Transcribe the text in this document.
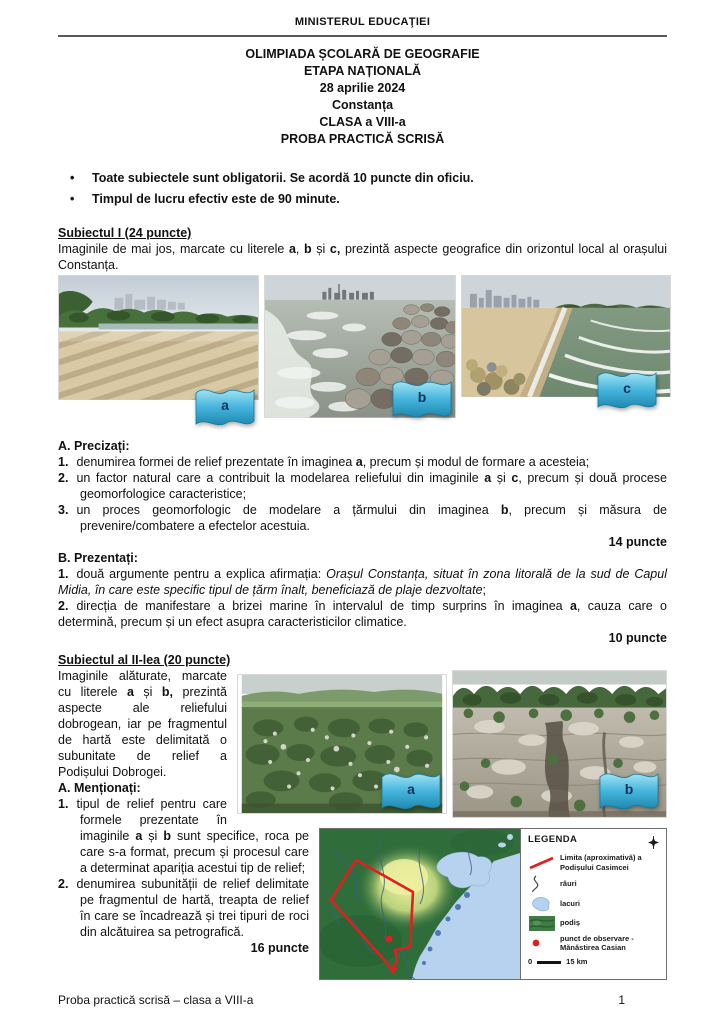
MINISTERUL EDUCAŢIEI
OLIMPIADA ȘCOLARĂ DE GEOGRAFIE
ETAPA NAȚIONALĂ
28 aprilie 2024
Constanța
CLASA a VIII-a
PROBA PRACTICĂ SCRISĂ
•	Toate subiectele sunt obligatorii. Se acordă 10 puncte din oficiu.
•	Timpul de lucru efectiv este de 90 minute.
Subiectul I (24 puncte)

Imaginile de mai jos, marcate cu literele a, b și c, prezintă aspecte geografice din orizontul local al orașului Constanța.

a	b
c

A. Precizați:

1. denumirea formei de relief prezentate în imaginea a, precum și modul de formare a acesteia;

2. un factor natural care a contribuit la modelarea reliefului din imaginile a și c, precum și două procese geomorfologice caracteristice;

3. un proces geomorfologic de modelare a țărmului din imaginea b, precum și măsura de prevenire/combatere a efectelor acestuia.

14 puncte

B. Prezentați:

1. două argumente pentru a explica afirmația: Orașul Constanța, situat în zona litorală de la sud de Capul Midia, în care este specific tipul de țărm înalt, beneficiază de plaje dezvoltate;

2. direcția de manifestare a brizei marine în intervalul de timp surprins în imaginea a, cauza care o determină, precum și un efect asupra caracteristicilor climatice.

10 puncte

Subiectul al II-lea (20 puncte)
a	b
LEGENDA
Limita (aproximativă) a Podișului Casimcei
râuri
lacuri
podiș
punct de observare - Mănăstirea Casian
0	15 km

Imaginile alăturate, marcate cu literele a și b, prezintă aspecte ale reliefului dobrogean, iar pe fragmentul de hartă este delimitată o subunitate de relief a Podișului Dobrogei.

A. Menționați:

1. tipul de relief pentru care formele prezentate în imaginile a și b sunt specifice, roca pe care s-a format, precum și procesul care a determinat apariția acestui tip de relief;

2. denumirea subunității de relief delimitate pe fragmentul de hartă, treapta de relief în care se încadrează și trei tipuri de roci din alcătuirea sa petrografică.

16 puncte

Proba practică scrisă – clasa a VIII-a	1
